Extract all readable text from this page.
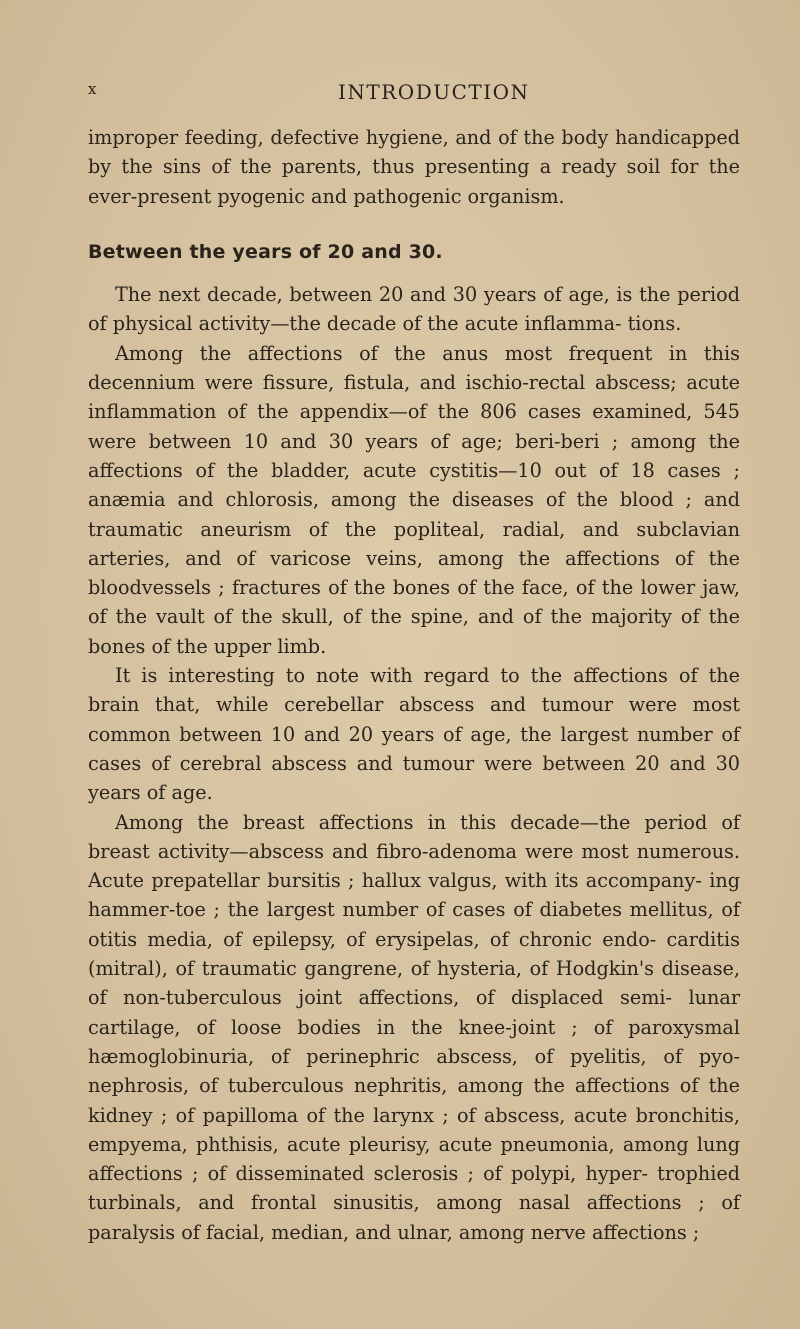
x	INTRODUCTION

improper feeding, defective hygiene, and of the body handicapped by the sins of the parents, thus presenting a ready soil for the ever-present pyogenic and pathogenic organism.

Between the years of 20 and 30.

The next decade, between 20 and 30 years of age, is the period of physical activity—the decade of the acute inflamma- tions.

Among the affections of the anus most frequent in this decennium were fissure, fistula, and ischio-rectal abscess; acute inflammation of the appendix—of the 806 cases examined, 545 were between 10 and 30 years of age; beri-beri ; among the affections of the bladder, acute cystitis—10 out of 18 cases ; anæmia and chlorosis, among the diseases of the blood ; and traumatic aneurism of the popliteal, radial, and subclavian arteries, and of varicose veins, among the affections of the bloodvessels ; fractures of the bones of the face, of the lower jaw, of the vault of the skull, of the spine, and of the majority of the bones of the upper limb.

It is interesting to note with regard to the affections of the brain that, while cerebellar abscess and tumour were most common between 10 and 20 years of age, the largest number of cases of cerebral abscess and tumour were between 20 and 30 years of age.

Among the breast affections in this decade—the period of breast activity—abscess and fibro-adenoma were most numerous. Acute prepatellar bursitis ; hallux valgus, with its accompany- ing hammer-toe ; the largest number of cases of diabetes mellitus, of otitis media, of epilepsy, of erysipelas, of chronic endo- carditis (mitral), of traumatic gangrene, of hysteria, of Hodgkin's disease, of non-tuberculous joint affections, of displaced semi- lunar cartilage, of loose bodies in the knee-joint ; of paroxysmal hæmoglobinuria, of perinephric abscess, of pyelitis, of pyo- nephrosis, of tuberculous nephritis, among the affections of the kidney ; of papilloma of the larynx ; of abscess, acute bronchitis, empyema, phthisis, acute pleurisy, acute pneumonia, among lung affections ; of disseminated sclerosis ; of polypi, hyper- trophied turbinals, and frontal sinusitis, among nasal affections ; of paralysis of facial, median, and ulnar, among nerve affections ;
